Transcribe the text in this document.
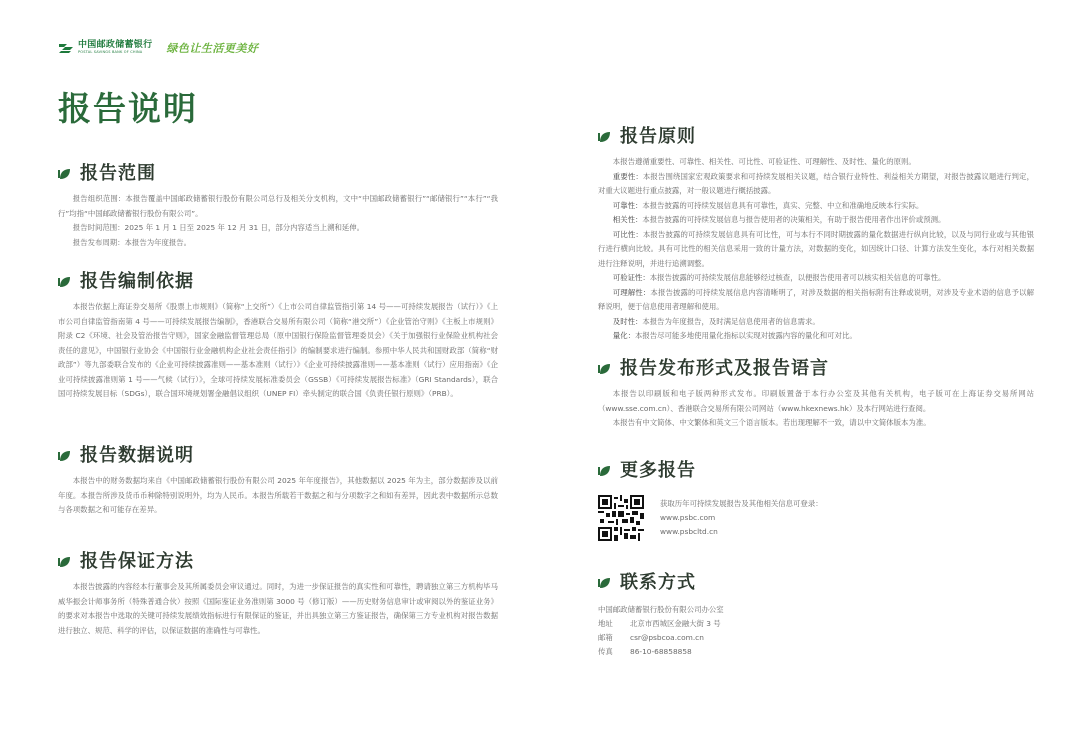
中国邮政储蓄银行
POSTAL SAVINGS BANK OF CHINA	绿色让生活更美好
报告说明
报告范围

报告组织范围：本报告覆盖中国邮政储蓄银行股份有限公司总行及相关分支机构，文中“中国邮政储蓄银行”“邮储银行”“本行”“我行”均指“中国邮政储蓄银行股份有限公司”。

报告时间范围：2025 年 1 月 1 日至 2025 年 12 月 31 日，部分内容适当上溯和延伸。

报告发布周期：本报告为年度报告。

报告编制依据

本报告依据上海证券交易所《股票上市规则》（简称“上交所”）《上市公司自律监管指引第 14 号——可持续发展报告（试行）》《上市公司自律监管指南第 4 号——可持续发展报告编制》，香港联合交易所有限公司（简称“港交所”）《企业管治守则》《主板上市规则》附录 C2《环境、社会及管治报告守则》，国家金融监督管理总局（原中国银行保险监督管理委员会）《关于加强银行业保险业机构社会责任的意见》，中国银行业协会《中国银行业金融机构企业社会责任指引》的编制要求进行编制。参照中华人民共和国财政部（简称“财政部”）等九部委联合发布的《企业可持续披露准则——基本准则（试行）》《企业可持续披露准则——基本准则（试行）应用指南》《企业可持续披露准则第 1 号——气候（试行）》，全球可持续发展标准委员会（GSSB）《可持续发展报告标准》（GRI Standards），联合国可持续发展目标（SDGs），联合国环境规划署金融倡议组织（UNEP FI）牵头制定的联合国《负责任银行原则》（PRB）。

报告数据说明

本报告中的财务数据均来自《中国邮政储蓄银行股份有限公司 2025 年年度报告》，其他数据以 2025 年为主，部分数据涉及以前年度。本报告所涉及货币币种除特别说明外，均为人民币。本报告所载若干数据之和与分项数字之和如有差异，因此表中数据所示总数与各项数据之和可能存在差异。

报告保证方法

本报告披露的内容经本行董事会及其所属委员会审议通过。同时，为进一步保证报告的真实性和可靠性，聘请独立第三方机构毕马威华振会计师事务所（特殊普通合伙）按照《国际鉴证业务准则第 3000 号（修订版）——历史财务信息审计或审阅以外的鉴证业务》的要求对本报告中选取的关键可持续发展绩效指标进行有限保证的鉴证，并出具独立第三方鉴证报告，确保第三方专业机构对报告数据进行独立、规范、科学的评估，以保证数据的准确性与可靠性。

报告原则

本报告遵循重要性、可靠性、相关性、可比性、可验证性、可理解性、及时性、量化的原则。

重要性：本报告围绕国家宏观政策要求和可持续发展相关议题，结合银行业特性、利益相关方期望，对报告披露议题进行判定，对重大议题进行重点披露，对一般议题进行概括披露。
可靠性：本报告披露的可持续发展信息具有可靠性，真实、完整、中立和准确地反映本行实际。
相关性：本报告披露的可持续发展信息与报告使用者的决策相关，有助于报告使用者作出评价或预测。
可比性：本报告披露的可持续发展信息具有可比性，可与本行不同时期披露的量化数据进行纵向比较，以及与同行业或与其他银行进行横向比较。具有可比性的相关信息采用一致的计量方法，对数据的变化，如因统计口径、计算方法发生变化，本行对相关数据进行注释说明，并进行追溯调整。
可验证性：本报告披露的可持续发展信息能够经过核查，以便报告使用者可以核实相关信息的可靠性。
可理解性：本报告披露的可持续发展信息内容清晰明了，对涉及数据的相关指标附有注释或说明，对涉及专业术语的信息予以解释说明，便于信息使用者理解和使用。
及时性：本报告为年度报告，及时满足信息使用者的信息需求。
量化：本报告尽可能多地使用量化指标以实现对披露内容的量化和可对比。
报告发布形式及报告语言

本报告以印刷版和电子版两种形式发布。印刷版置备于本行办公室及其他有关机构，电子版可在上海证券交易所网站（www.sse.com.cn）、香港联合交易所有限公司网站（www.hkexnews.hk）及本行网站进行查阅。

本报告有中文简体、中文繁体和英文三个语言版本。若出现理解不一致，请以中文简体版本为准。

更多报告
获取历年可持续发展报告及其他相关信息可登录：
www.psbc.com
www.psbcltd.cn
联系方式
中国邮政储蓄银行股份有限公司办公室
地址	北京市西城区金融大街 3 号
邮箱	csr@psbcoa.com.cn
传真	86-10-68858858
